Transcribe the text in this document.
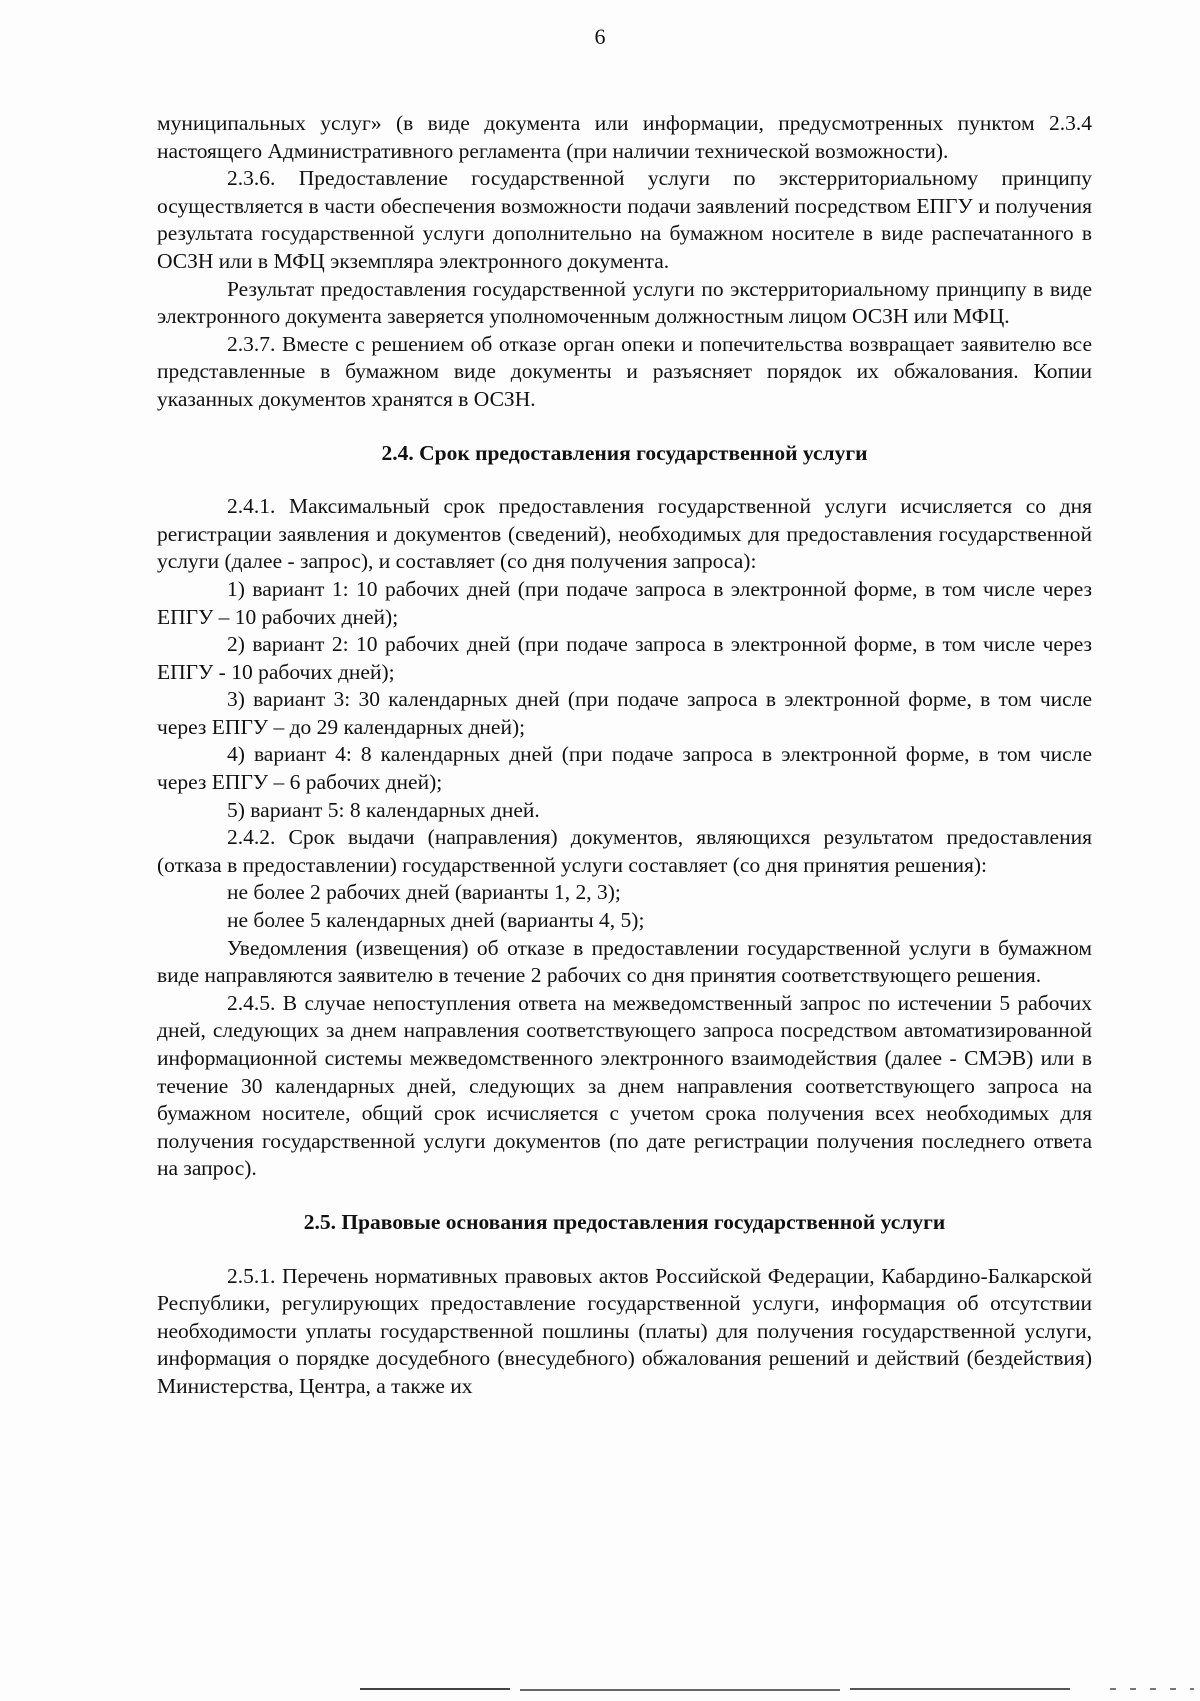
6

муниципальных услуг» (в виде документа или информации, предусмотренных пунктом 2.3.4 настоящего Административного регламента (при наличии технической возможности).

2.3.6. Предоставление государственной услуги по экстерриториальному принципу осуществляется в части обеспечения возможности подачи заявлений посредством ЕПГУ и получения результата государственной услуги дополнительно на бумажном носителе в виде распечатанного в ОСЗН или в МФЦ экземпляра электронного документа.

Результат предоставления государственной услуги по экстерриториальному принципу в виде электронного документа заверяется уполномоченным должностным лицом ОСЗН или МФЦ.

2.3.7. Вместе с решением об отказе орган опеки и попечительства возвращает заявителю все представленные в бумажном виде документы и разъясняет порядок их обжалования. Копии указанных документов хранятся в ОСЗН.

2.4. Срок предоставления государственной услуги

2.4.1. Максимальный срок предоставления государственной услуги исчисляется со дня регистрации заявления и документов (сведений), необходимых для предоставления государственной услуги (далее - запрос), и составляет (со дня получения запроса):

1) вариант 1: 10 рабочих дней (при подаче запроса в электронной форме, в том числе через ЕПГУ – 10 рабочих дней);

2) вариант 2: 10 рабочих дней (при подаче запроса в электронной форме, в том числе через ЕПГУ - 10 рабочих дней);

3) вариант 3: 30 календарных дней (при подаче запроса в электронной форме, в том числе через ЕПГУ – до 29 календарных дней);

4) вариант 4: 8 календарных дней (при подаче запроса в электронной форме, в том числе через ЕПГУ – 6 рабочих дней);

5) вариант 5: 8 календарных дней.

2.4.2. Срок выдачи (направления) документов, являющихся результатом предоставления (отказа в предоставлении) государственной услуги составляет (со дня принятия решения):

не более 2 рабочих дней (варианты 1, 2, 3);

не более 5 календарных дней (варианты 4, 5);

Уведомления (извещения) об отказе в предоставлении государственной услуги в бумажном виде направляются заявителю в течение 2 рабочих со дня принятия соответствующего решения.

2.4.5. В случае непоступления ответа на межведомственный запрос по истечении 5 рабочих дней, следующих за днем направления соответствующего запроса посредством автоматизированной информационной системы межведомственного электронного взаимодействия (далее - СМЭВ) или в течение 30 календарных дней, следующих за днем направления соответствующего запроса на бумажном носителе, общий срок исчисляется с учетом срока получения всех необходимых для получения государственной услуги документов (по дате регистрации получения последнего ответа на запрос).

2.5. Правовые основания предоставления государственной услуги

2.5.1. Перечень нормативных правовых актов Российской Федерации, Кабардино-Балкарской Республики, регулирующих предоставление государственной услуги, информация об отсутствии необходимости уплаты государственной пошлины (платы) для получения государственной услуги, информация о порядке досудебного (внесудебного) обжалования решений и действий (бездействия) Министерства, Центра, а также их
